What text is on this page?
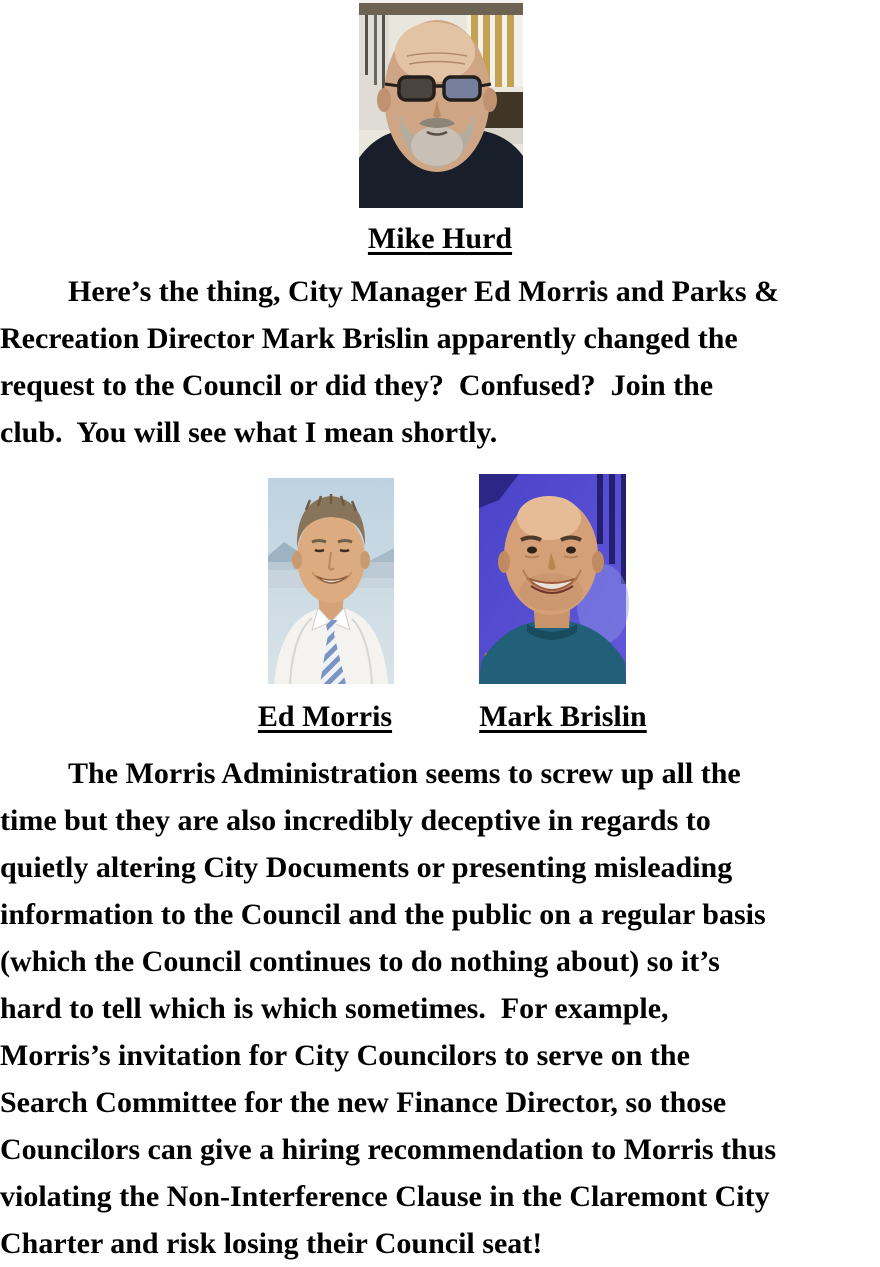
Mike Hurd
Here’s the thing, City Manager Ed Morris and Parks &
Recreation Director Mark Brislin apparently changed the
request to the Council or did they?  Confused?  Join the
club.  You will see what I mean shortly.
Ed Morris	Mark Brislin
The Morris Administration seems to screw up all the
time but they are also incredibly deceptive in regards to
quietly altering City Documents or presenting misleading
information to the Council and the public on a regular basis
(which the Council continues to do nothing about) so it’s
hard to tell which is which sometimes.  For example,
Morris’s invitation for City Councilors to serve on the
Search Committee for the new Finance Director, so those
Councilors can give a hiring recommendation to Morris thus
violating the Non-Interference Clause in the Claremont City
Charter and risk losing their Council seat!
